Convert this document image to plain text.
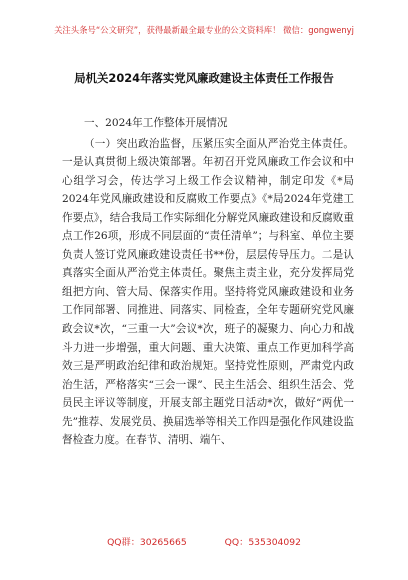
关注头条号“公文研究”，获得最新最全最专业的公文资料库！ 微信：gongwenyj
局机关2024年落实党风廉政建设主体责任工作报告

一、2024年工作整体开展情况

（一）突出政治监督，压紧压实全面从严治党主体责任。一是认真贯彻上级决策部署。年初召开党风廉政工作会议和中心组学习会，传达学习上级工作会议精神，制定印发《*局2024年党风廉政建设和反腐败工作要点》《*局2024年党建工作要点》，结合我局工作实际细化分解党风廉政建设和反腐败重点工作26项，形成不同层面的“责任清单”；与科室、单位主要负责人签订党风廉政建设责任书**份，层层传导压力。二是认真落实全面从严治党主体责任。聚焦主责主业，充分发挥局党组把方向、管大局、保落实作用。坚持将党风廉政建设和业务工作同部署、同推进、同落实、同检查，全年专题研究党风廉政会议*次，“三重一大”会议*次，班子的凝聚力、向心力和战斗力进一步增强，重大问题、重大决策、重点工作更加科学高效三是严明政治纪律和政治规矩。坚持党性原则，严肃党内政治生活，严格落实“三会一课”、民主生活会、组织生活会、党员民主评议等制度，开展支部主题党日活动*次，做好“两优一先”推荐、发展党员、换届选举等相关工作四是强化作风建设监督检查力度。在春节、清明、端午、

QQ群：30265665	QQ：535304092
